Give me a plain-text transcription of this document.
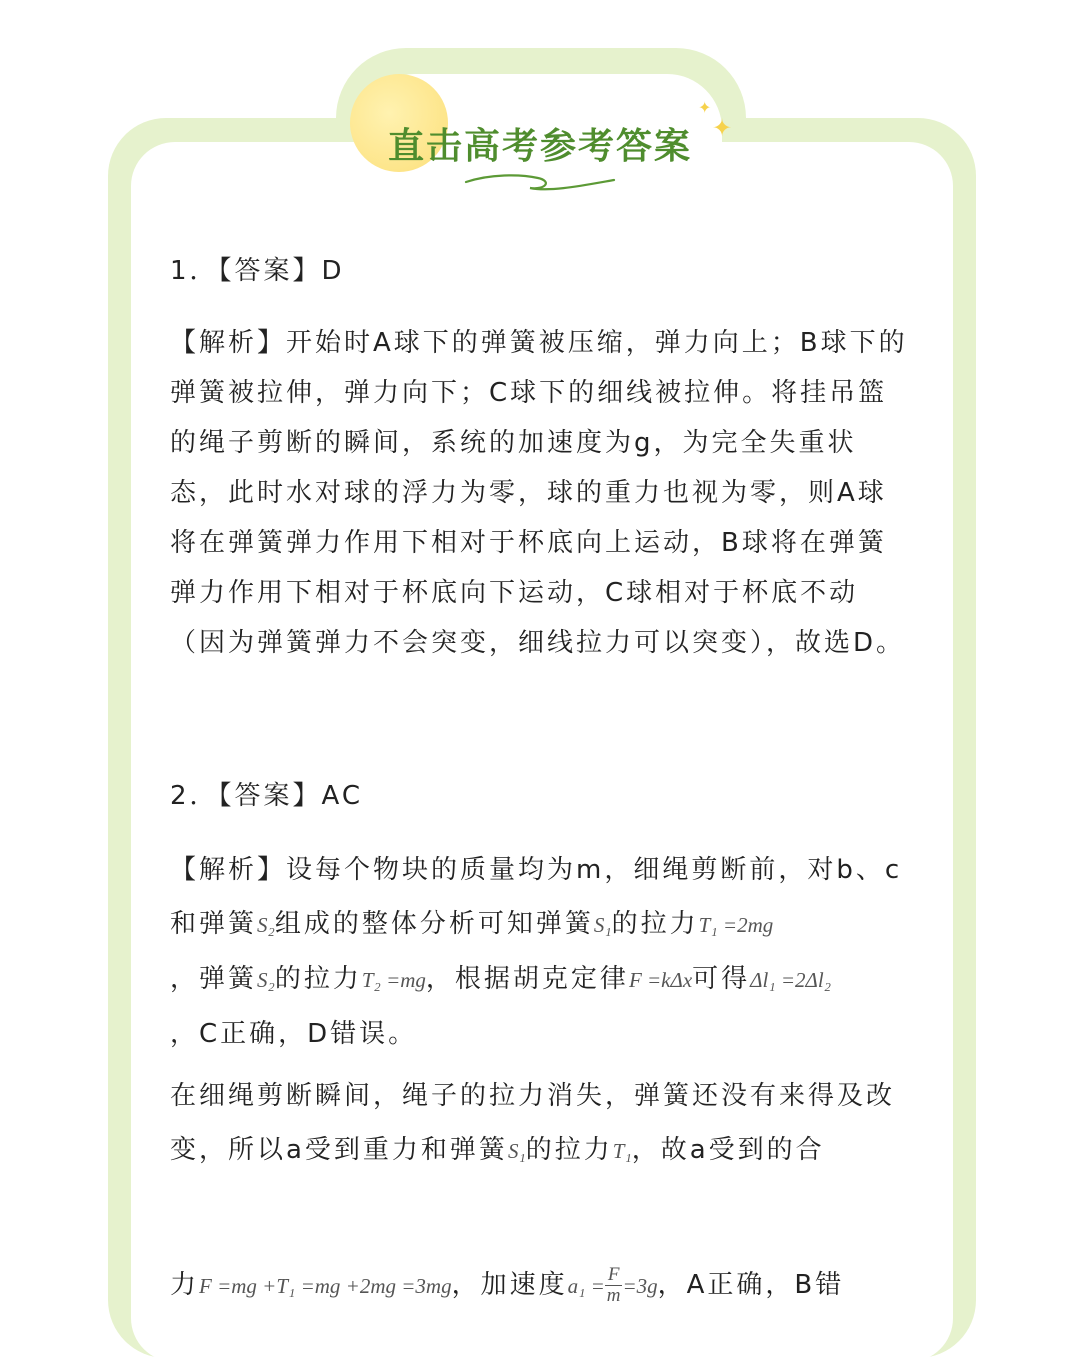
直击高考参考答案
✦
✦
1．【答案】D
【解析】开始时A球下的弹簧被压缩，弹力向上；B球下的弹簧被拉伸，弹力向下；C球下的细线被拉伸。将挂吊篮的绳子剪断的瞬间，系统的加速度为g，为完全失重状态，此时水对球的浮力为零，球的重力也视为零，则A球将在弹簧弹力作用下相对于杯底向上运动，B球将在弹簧弹力作用下相对于杯底向下运动，C球相对于杯底不动（因为弹簧弹力不会突变，细线拉力可以突变），故选D。
2．【答案】AC
【解析】设每个物块的质量均为m，细绳剪断前，对b、c和弹簧S₂组成的整体分析可知弹簧S₁的拉力T₁ =2mg
，弹簧S₂的拉力T₂ =mg，根据胡克定律F =kΔx可得Δl₁ =2Δl₂
，C正确，D错误。
在细绳剪断瞬间，绳子的拉力消失，弹簧还没有来得及改变，所以a受到重力和弹簧S₁的拉力T₁，故a受到的合
力F =mg +T₁ =mg +2mg =3mg，加速度$a_1 = \frac{F}{m} =3g$，A正确，B错
